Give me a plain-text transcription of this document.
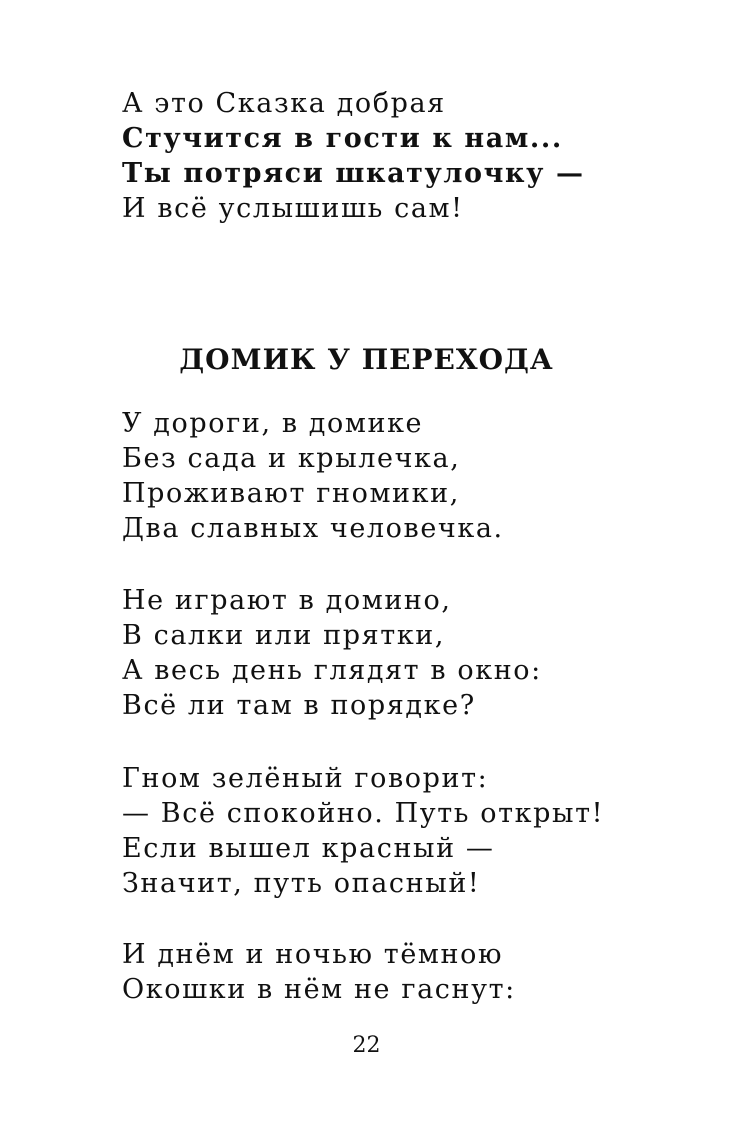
А это Сказка добрая
Стучится в гости к нам...
Ты потряси шкатулочку —
И всё услышишь сам!
ДОМИК У ПЕРЕХОДА
У дороги, в домике
Без сада и крылечка,
Проживают гномики,
Два славных человечка.
Не играют в домино,
В салки или прятки,
А весь день глядят в окно:
Всё ли там в порядке?
Гном зелёный говорит:
— Всё спокойно. Путь открыт!
Если вышел красный —
Значит, путь опасный!
И днём и ночью тёмною
Окошки в нём не гаснут:

22
